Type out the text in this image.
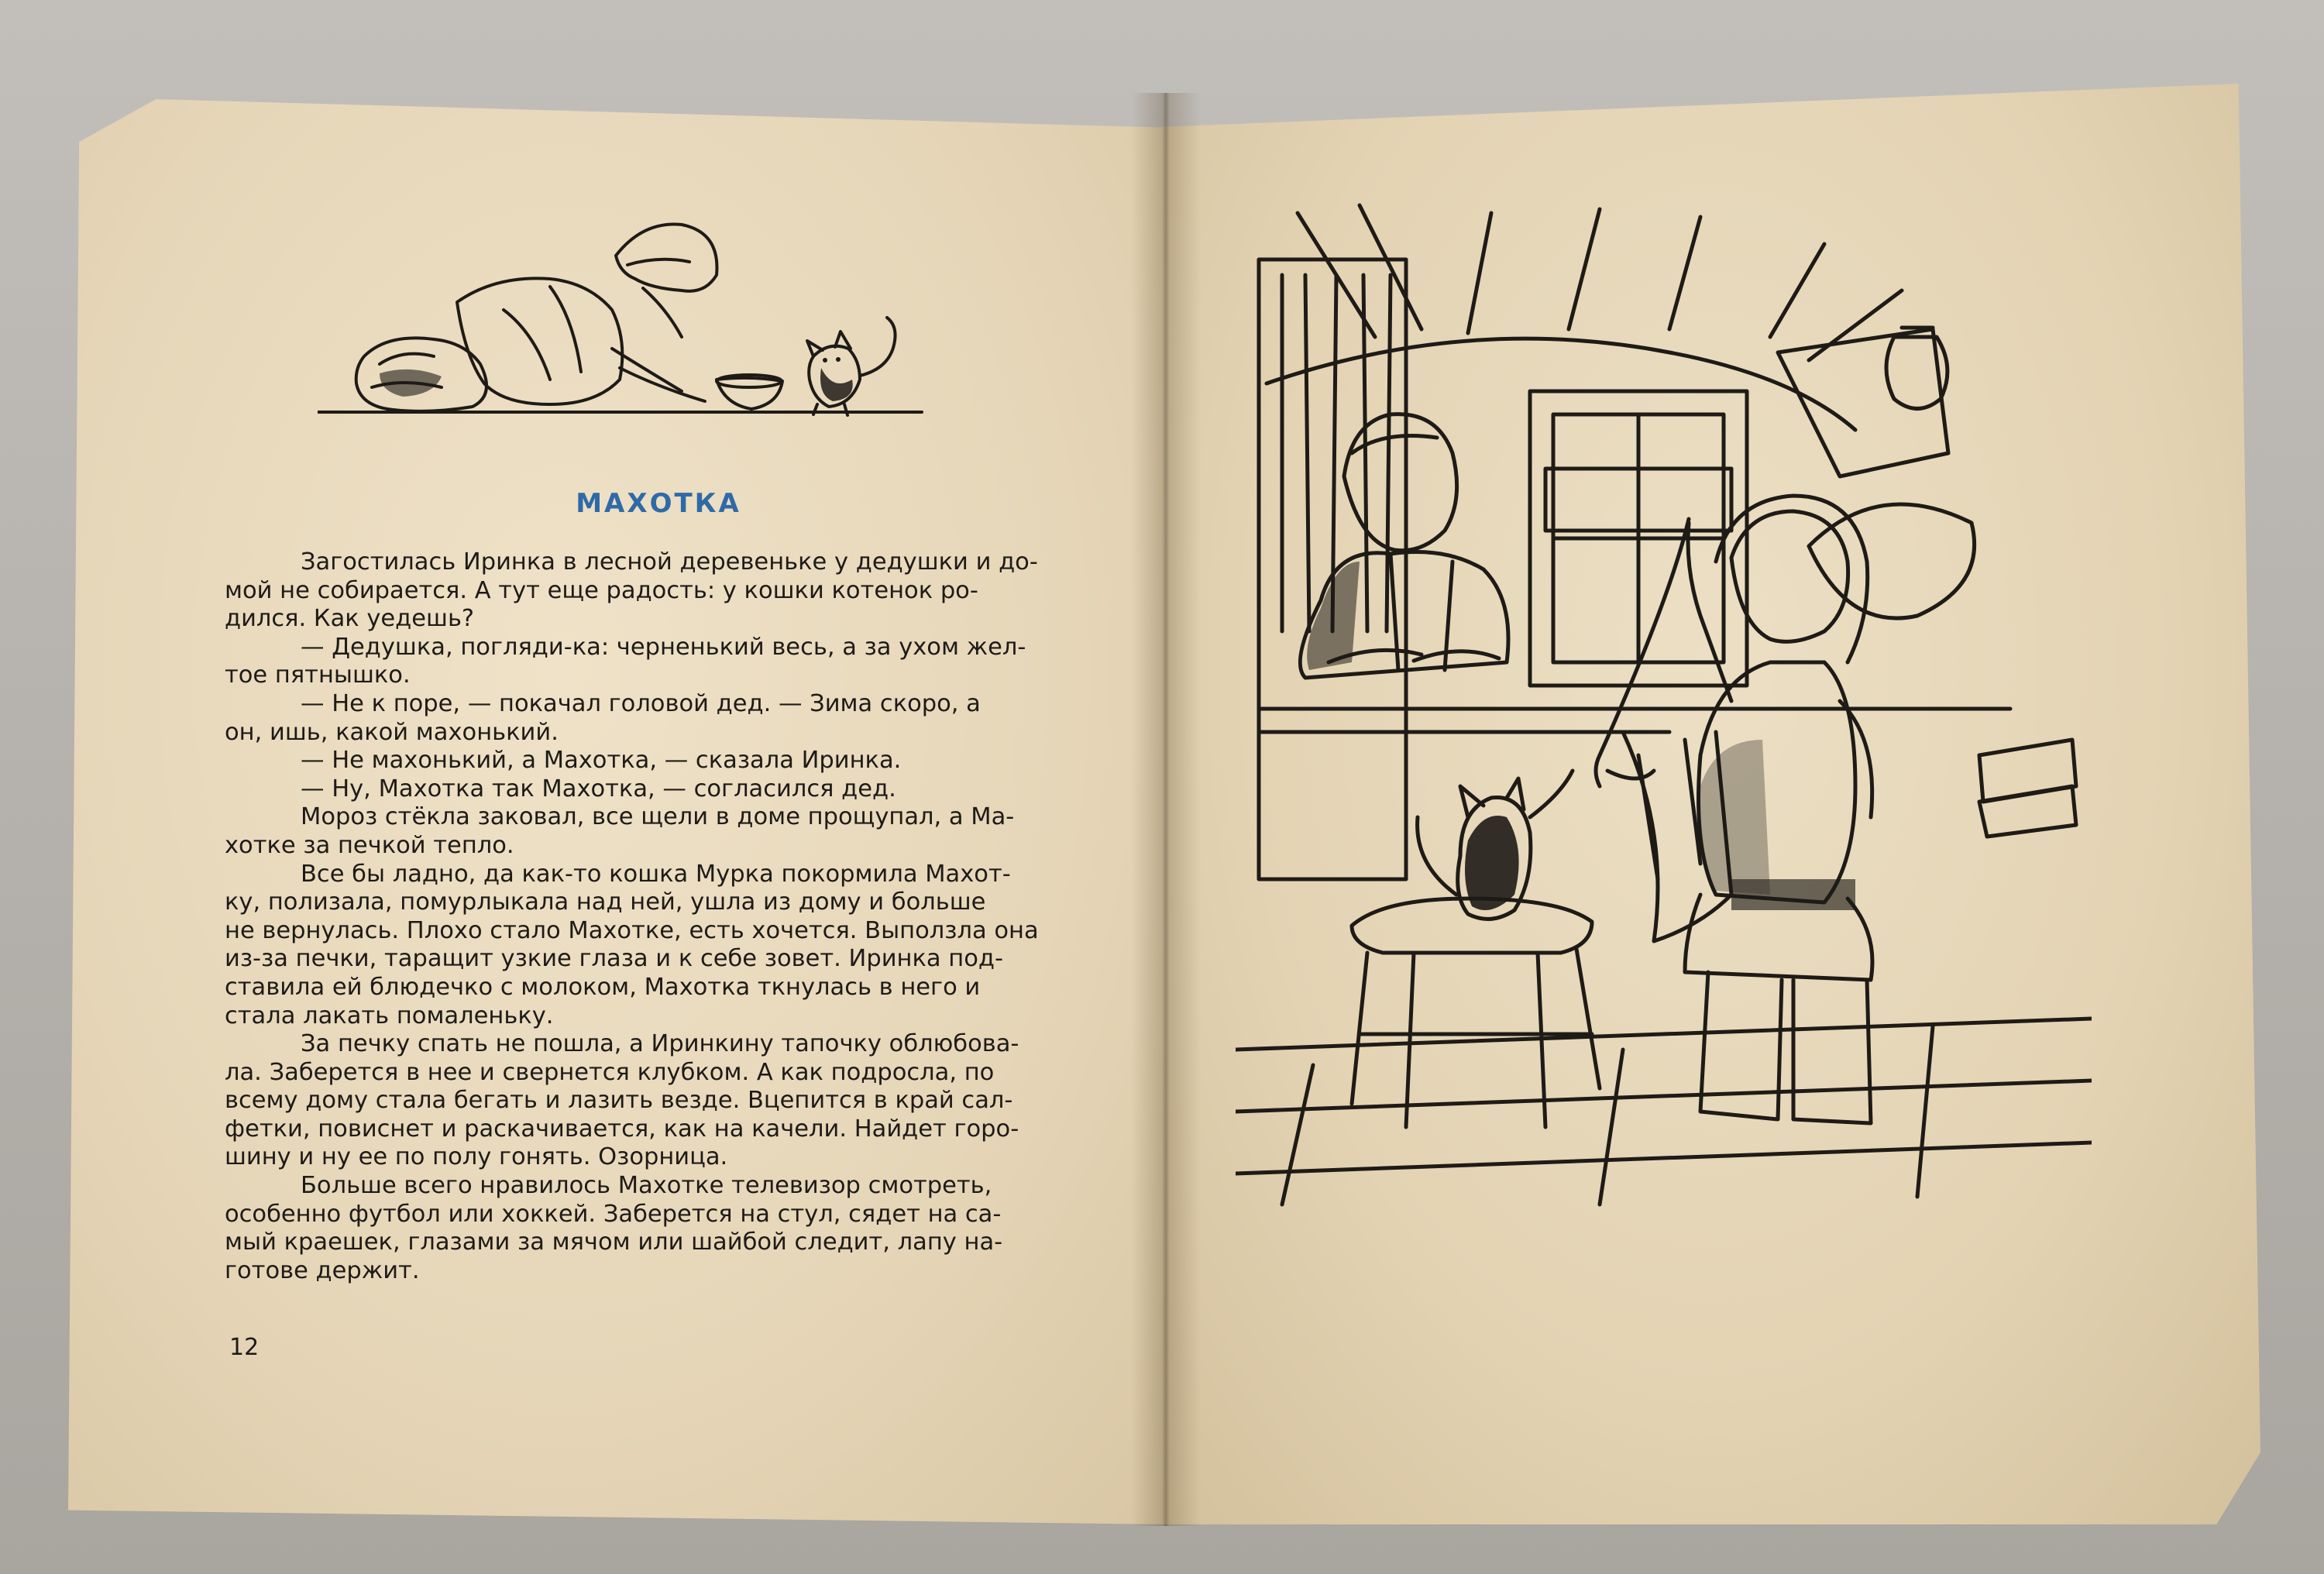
МАХОТКА
Загостилась Иринка в лесной деревеньке у дедушки и до-
мой не собирается. А тут еще радость: у кошки котенок ро-
дился. Как уедешь?
— Дедушка, погляди-ка: черненький весь, а за ухом жел-
тое пятнышко.
— Не к поре, — покачал головой дед. — Зима скоро, а
он, ишь, какой махонький.
— Не махонький, а Махотка, — сказала Иринка.
— Ну, Махотка так Махотка, — согласился дед.
Мороз стёкла заковал, все щели в доме прощупал, а Ма-
хотке за печкой тепло.
Все бы ладно, да как-то кошка Мурка покормила Махот-
ку, полизала, помурлыкала над ней, ушла из дому и больше
не вернулась. Плохо стало Махотке, есть хочется. Выползла она
из-за печки, таращит узкие глаза и к себе зовет. Иринка под-
ставила ей блюдечко с молоком, Махотка ткнулась в него и
стала лакать помаленьку.
За печку спать не пошла, а Иринкину тапочку облюбова-
ла. Заберется в нее и свернется клубком. А как подросла, по
всему дому стала бегать и лазить везде. Вцепится в край сал-
фетки, повиснет и раскачивается, как на качели. Найдет горо-
шину и ну ее по полу гонять. Озорница.
Больше всего нравилось Махотке телевизор смотреть,
особенно футбол или хоккей. Заберется на стул, сядет на са-
мый краешек, глазами за мячом или шайбой следит, лапу на-
готове держит.
12
